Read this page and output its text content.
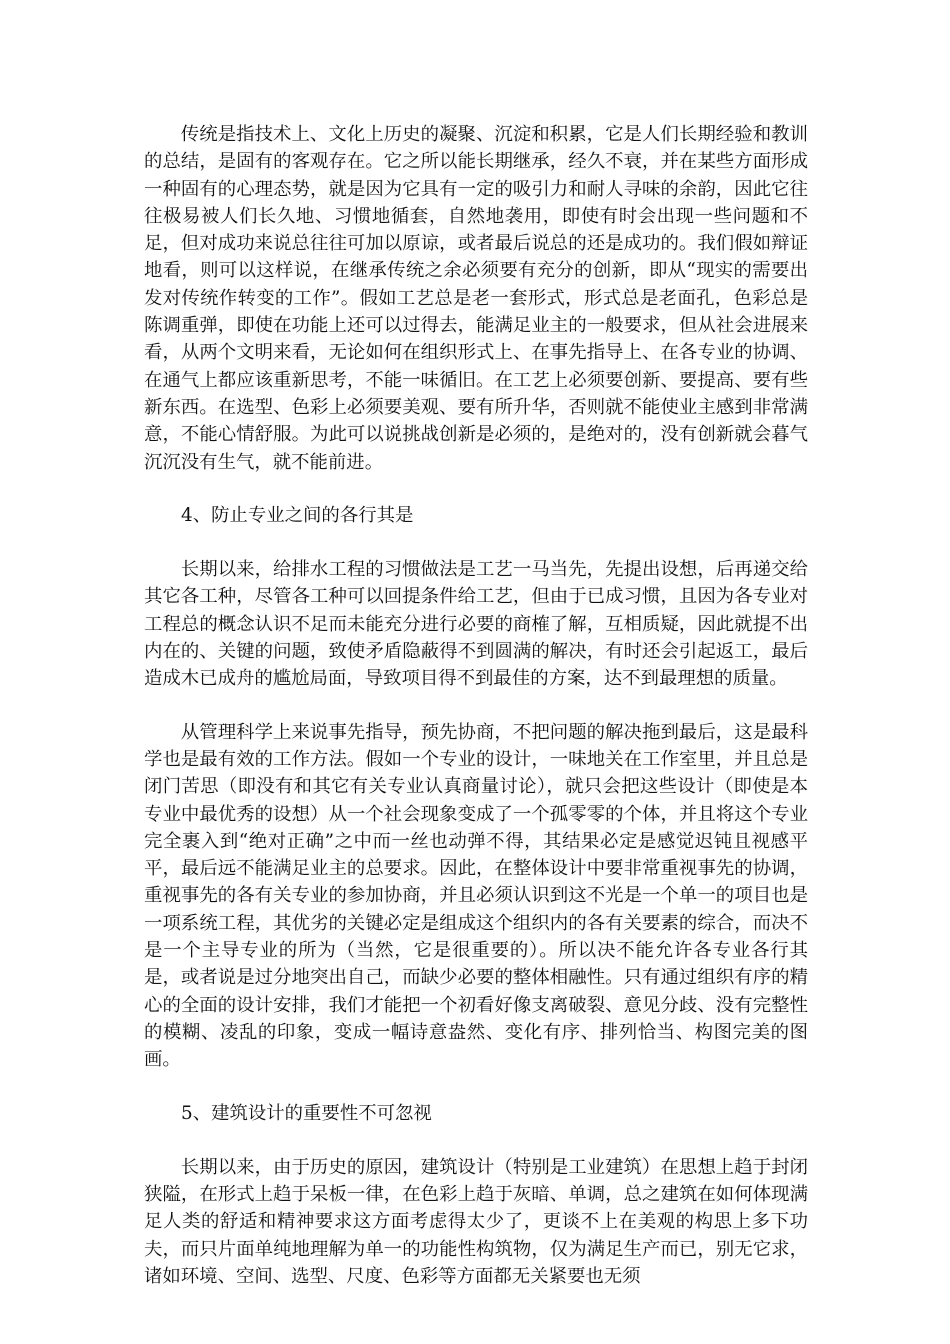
传统是指技术上、文化上历史的凝聚、沉淀和积累，它是人们长期经验和教训的总结，是固有的客观存在。它之所以能长期继承，经久不衰，并在某些方面形成一种固有的心理态势，就是因为它具有一定的吸引力和耐人寻味的余韵，因此它往往极易被人们长久地、习惯地循套，自然地袭用，即使有时会出现一些问题和不足，但对成功来说总往往可加以原谅，或者最后说总的还是成功的。我们假如辩证地看，则可以这样说，在继承传统之余必须要有充分的创新，即从“现实的需要出发对传统作转变的工作”。假如工艺总是老一套形式，形式总是老面孔，色彩总是陈调重弹，即使在功能上还可以过得去，能满足业主的一般要求，但从社会进展来看，从两个文明来看，无论如何在组织形式上、在事先指导上、在各专业的协调、在通气上都应该重新思考，不能一味循旧。在工艺上必须要创新、要提高、要有些新东西。在选型、色彩上必须要美观、要有所升华，否则就不能使业主感到非常满意，不能心情舒服。为此可以说挑战创新是必须的，是绝对的，没有创新就会暮气沉沉没有生气，就不能前进。

4、防止专业之间的各行其是

长期以来，给排水工程的习惯做法是工艺一马当先，先提出设想，后再递交给其它各工种，尽管各工种可以回提条件给工艺，但由于已成习惯，且因为各专业对工程总的概念认识不足而未能充分进行必要的商榷了解，互相质疑，因此就提不出内在的、关键的问题，致使矛盾隐蔽得不到圆满的解决，有时还会引起返工，最后造成木已成舟的尴尬局面，导致项目得不到最佳的方案，达不到最理想的质量。

从管理科学上来说事先指导，预先协商，不把问题的解决拖到最后，这是最科学也是最有效的工作方法。假如一个专业的设计，一味地关在工作室里，并且总是闭门苦思（即没有和其它有关专业认真商量讨论），就只会把这些设计（即使是本专业中最优秀的设想）从一个社会现象变成了一个孤零零的个体，并且将这个专业完全裹入到“绝对正确”之中而一丝也动弹不得，其结果必定是感觉迟钝且视感平平，最后远不能满足业主的总要求。因此，在整体设计中要非常重视事先的协调，重视事先的各有关专业的参加协商，并且必须认识到这不光是一个单一的项目也是一项系统工程，其优劣的关键必定是组成这个组织内的各有关要素的综合，而决不是一个主导专业的所为（当然，它是很重要的）。所以决不能允许各专业各行其是，或者说是过分地突出自己，而缺少必要的整体相融性。只有通过组织有序的精心的全面的设计安排，我们才能把一个初看好像支离破裂、意见分歧、没有完整性的模糊、凌乱的印象，变成一幅诗意盎然、变化有序、排列恰当、构图完美的图画。

5、建筑设计的重要性不可忽视

长期以来，由于历史的原因，建筑设计（特别是工业建筑）在思想上趋于封闭狭隘，在形式上趋于呆板一律，在色彩上趋于灰暗、单调，总之建筑在如何体现满足人类的舒适和精神要求这方面考虑得太少了，更谈不上在美观的构思上多下功夫，而只片面单纯地理解为单一的功能性构筑物，仅为满足生产而已，别无它求，诸如环境、空间、选型、尺度、色彩等方面都无关紧要也无须
